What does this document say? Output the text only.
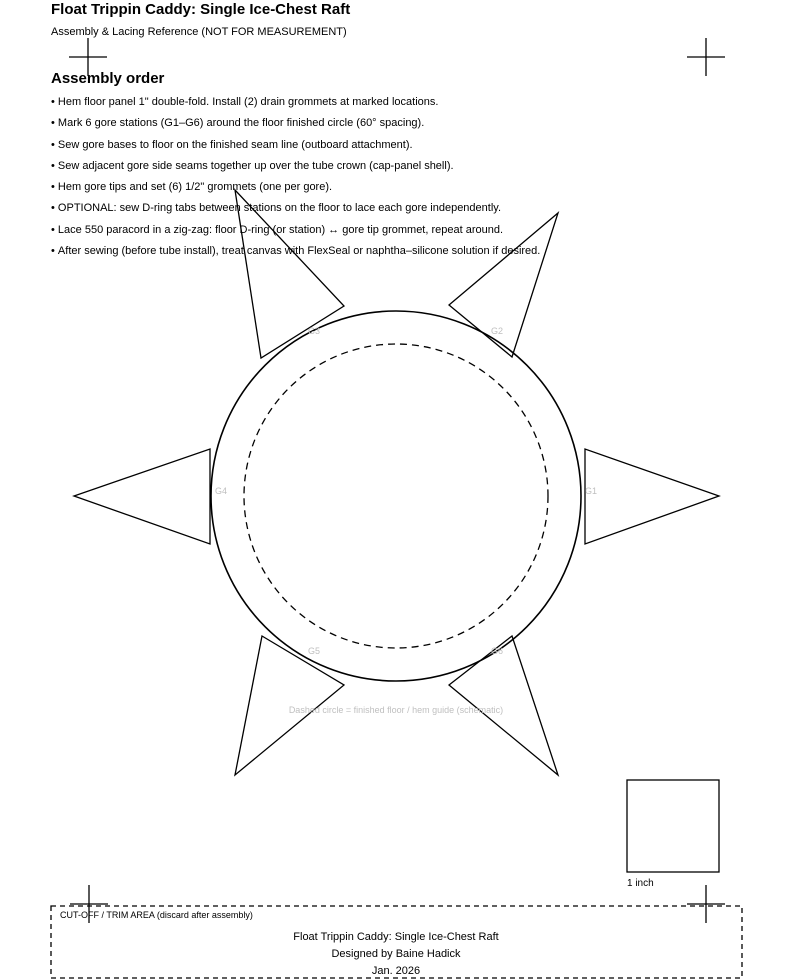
Float Trippin Caddy: Single Ice-Chest Raft

Assembly & Lacing Reference (NOT FOR MEASUREMENT)

Assembly order
• Hem floor panel 1" double-fold. Install (2) drain grommets at marked locations.
• Mark 6 gore stations (G1–G6) around the floor finished circle (60° spacing).
• Sew gore bases to floor on the finished seam line (outboard attachment).
• Sew adjacent gore side seams together up over the tube crown (cap-panel shell).
• Hem gore tips and set (6) 1/2" grommets (one per gore).
• OPTIONAL: sew D-ring tabs between stations on the floor to lace each gore independently.
• Lace 550 paracord in a zig-zag: floor D-ring (or station) ↔ gore tip grommet, repeat around.
• After sewing (before tube install), treat canvas with FlexSeal or naphtha–silicone solution if desired.
G1
G2
G3
G4
G5	G6
Dashed circle = finished floor / hem guide (schematic)
1 inch
CUT-OFF / TRIM AREA (discard after assembly)
Float Trippin Caddy: Single Ice-Chest Raft
Designed by Baine Hadick
Jan. 2026
